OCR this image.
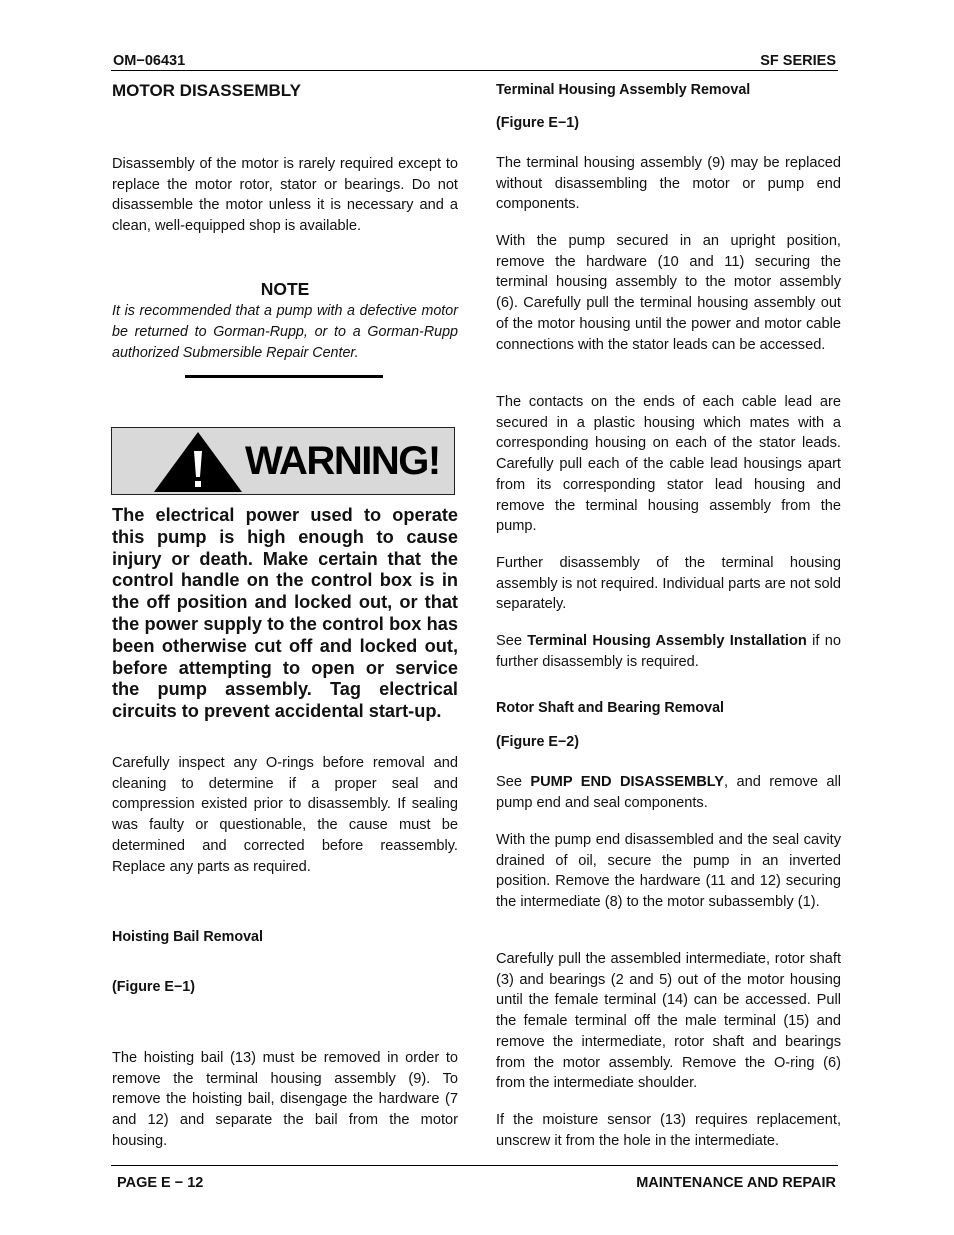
OM−06431	SF SERIES
MOTOR DISASSEMBLY
Disassembly of the motor is rarely required except to replace the motor rotor, stator or bearings. Do not disassemble the motor unless it is necessary and a clean, well-equipped shop is available.
NOTE
It is recommended that a pump with a defective motor be returned to Gorman-Rupp, or to a Gorman-Rupp authorized Submersible Repair Center.
WARNING!
The electrical power used to operate this pump is high enough to cause injury or death. Make certain that the control handle on the control box is in the off position and locked out, or that the power supply to the control box has been otherwise cut off and locked out, before attempting to open or service the pump assembly. Tag electrical circuits to prevent accidental start-up.
Carefully inspect any O-rings before removal and cleaning to determine if a proper seal and compression existed prior to disassembly. If sealing was faulty or questionable, the cause must be determined and corrected before reassembly. Replace any parts as required.
Hoisting Bail Removal
(Figure E−1)
The hoisting bail (13) must be removed in order to remove the terminal housing assembly (9). To remove the hoisting bail, disengage the hardware (7 and 12) and separate the bail from the motor housing.
Terminal Housing Assembly Removal
(Figure E−1)
The terminal housing assembly (9) may be replaced without disassembling the motor or pump end components.
With the pump secured in an upright position, remove the hardware (10 and 11) securing the terminal housing assembly to the motor assembly (6). Carefully pull the terminal housing assembly out of the motor housing until the power and motor cable connections with the stator leads can be accessed.
The contacts on the ends of each cable lead are secured in a plastic housing which mates with a corresponding housing on each of the stator leads. Carefully pull each of the cable lead housings apart from its corresponding stator lead housing and remove the terminal housing assembly from the pump.
Further disassembly of the terminal housing assembly is not required. Individual parts are not sold separately.
See Terminal Housing Assembly Installation if no further disassembly is required.
Rotor Shaft and Bearing Removal
(Figure E−2)
See PUMP END DISASSEMBLY, and remove all pump end and seal components.
With the pump end disassembled and the seal cavity drained of oil, secure the pump in an inverted position. Remove the hardware (11 and 12) securing the intermediate (8) to the motor subassembly (1).
Carefully pull the assembled intermediate, rotor shaft (3) and bearings (2 and 5) out of the motor housing until the female terminal (14) can be accessed. Pull the female terminal off the male terminal (15) and remove the intermediate, rotor shaft and bearings from the motor assembly. Remove the O-ring (6) from the intermediate shoulder.
If the moisture sensor (13) requires replacement, unscrew it from the hole in the intermediate.
PAGE E − 12	MAINTENANCE AND REPAIR
